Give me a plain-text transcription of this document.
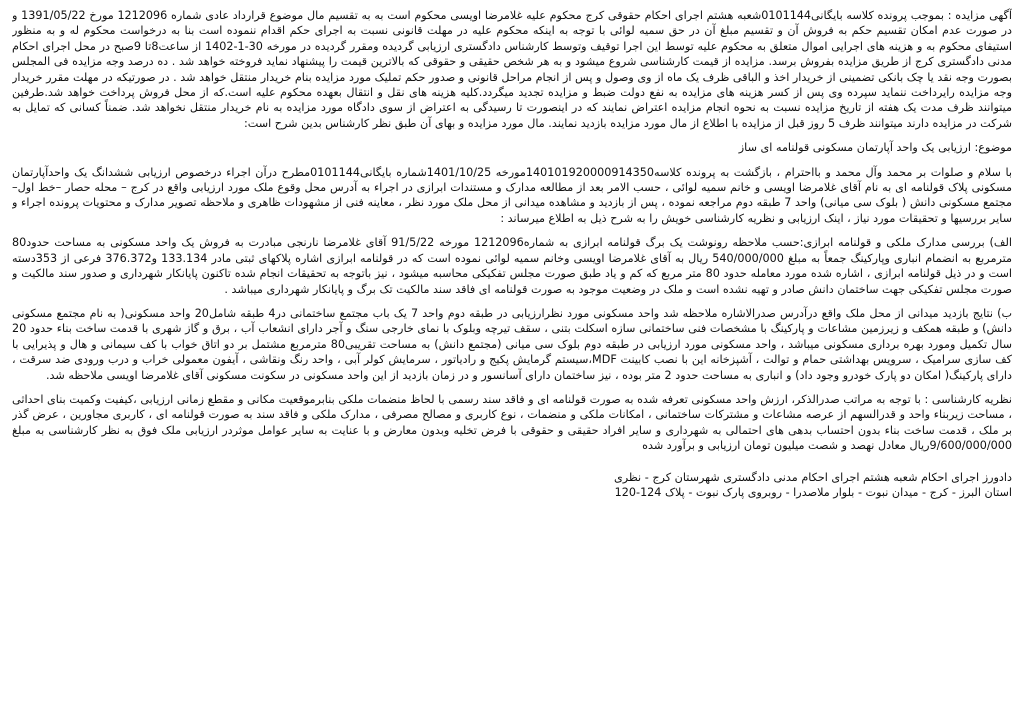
آگهی مزایده : بموجب پرونده کلاسه بایگانی0101144شعبه هشتم اجرای احکام حقوقی کرج محکوم علیه غلامرضا اویسی محکوم است به به تقسیم مال موضوع قرارداد عادی شماره 1212096 مورخ 1391/05/22 و در صورت عدم امکان تقسیم حکم به فروش آن و تقسیم مبلغ آن در حق سمیه لوائی با توجه به اینکه محکوم علیه در مهلت قانونی نسبت به اجرای حکم اقدام ننموده است بنا به درخواست محکوم له و به منظور استیفای محکوم به و هزینه های اجرایی اموال متعلق به محکوم علیه توسط این اجرا توقیف وتوسط کارشناس دادگستری ارزیابی گردیده ومقرر گردیده در مورخه 30-1-1402 از ساعت8تا 9صبح در محل اجرای احکام مدنی دادگستری کرج از طریق مزایده بفروش برسد. مزایده از قیمت کارشناسی شروع میشود و به هر شخص حقیقی و حقوقی که بالاترین قیمت را پیشنهاد نماید فروخته خواهد شد . ده درصد وجه مزایده فی المجلس بصورت وجه نقد یا چک بانکی تضمینی از خریدار اخذ و الباقی ظرف یک ماه از وی وصول و پس از انجام مراحل قانونی و صدور حکم تملیک مورد مزایده بنام خریدار منتقل خواهد شد . در صورتیکه در مهلت مقرر خریدار وجه مزایده رایرداخت ننماید سپرده وی پس از کسر هزینه های مزایده به نفع دولت ضبط و مزایده تجدید میگردد.کلیه هزینه های نقل و انتقال بعهده محکوم علیه است.که از محل فروش پرداخت خواهد شد.طرفین میتوانند ظرف مدت یک هفته از تاریخ مزایده نسبت به نحوه انجام مزایده اعتراض نمایند که در اینصورت تا رسیدگی به اعتراض از سوی دادگاه مورد مزایده به نام خریدار منتقل نخواهد شد. ضمناً کسانی که تمایل به شرکت در مزایده دارند میتوانند ظرف 5 روز قبل از مزایده با اطلاع از مال مورد مزایده بازدید نمایند. مال مورد مزایده و بهای آن طبق نظر کارشناس بدین شرح است:

موضوع: ارزیابی یک واحد آپارتمان مسکونی قولنامه ای ساز

با سلام و صلوات بر محمد وآل محمد و بااحترام ، بازگشت به پرونده کلاسه140101920000914350مورخه 1401/10/25شماره بایگانی0101144مطرح درآن اجراء درخصوص ارزیابی ششدانگ یک واحدآپارتمان مسکونی پلاک قولنامه ای به نام آقای غلامرضا اویسی و خانم سمیه لوائی ، حسب الامر بعد از مطالعه مدارک و مستندات ابرازی در اجراء به آدرس محل وقوع ملک مورد ارزیابی واقع در کرج – محله حصار –خط اول– مجتمع مسکونی دانش ( بلوک سی میانی) واحد 7 طبقه دوم مراجعه نموده ، پس از بازدید و مشاهده میدانی از محل ملک مورد نظر ، معاینه فنی از مشهودات ظاهری و ملاحظه تصویر مدارک و محتویات پرونده اجراء و سایر بررسیها و تحقیقات مورد نیاز ، اینک ارزیابی و نظریه کارشناسی خویش را به شرح ذیل به اطلاع میرساند :

الف) بررسی مدارک ملکی و قولنامه ابرازی:حسب ملاحظه رونوشت یک برگ قولنامه ابرازی به شماره1212096 مورخه 91/5/22 آقای غلامرضا نارنجی مبادرت به فروش یک واحد مسکونی به مساحت حدود80 مترمربع به انضمام انباری وپارکینگ جمعاً به مبلغ 540/000/000 ریال به آقای غلامرضا اویسی وخانم سمیه لوائی نموده است که در قولنامه ابرازی اشاره پلاکهای ثبتی مادر 133.134 و376.372 فرعی از 353دسته است و در ذیل قولنامه ابرازی ، اشاره شده مورد معامله حدود 80 متر مربع که کم و یاد طبق صورت مجلس تفکیکی محاسبه میشود ، نیز باتوجه به تحقیقات انجام شده تاکنون پایانکار شهرداری و صدور سند مالکیت و صورت مجلس تفکیکی جهت ساختمان دانش صادر و تهیه نشده است و ملک در وضعیت موجود به صورت قولنامه ای فاقد سند مالکیت تک برگ و پایانکار شهرداری میباشد .

ب) نتایج بازدید میدانی از محل ملک واقع درآدرس صدرالاشاره ملاحظه شد واحد مسکونی مورد نظرارزیابی در طبقه دوم واحد 7 یک باب مجتمع ساختمانی در4 طبقه شامل20 واحد مسکونی( به نام مجتمع مسکونی دانش) و طبقه همکف و زیرزمین مشاعات و پارکینگ با مشخصات فنی ساختمانی سازه اسکلت بتنی ، سقف تیرچه وبلوک با نمای خارجی سنگ و آجر دارای انشعاب آب ، برق و گاز شهری با قدمت ساخت بناء حدود 20 سال تکمیل ومورد بهره برداری مسکونی میباشد ، واحد مسکونی مورد ارزیابی در طبقه دوم بلوک سی میانی (مجتمع دانش) به مساحت تقریبی80 مترمربع مشتمل بر دو اتاق خواب با کف سیمانی و هال و پذیرایی با کف سازی سرامیک ، سرویس بهداشتی حمام و توالت ، آشپزخانه این با نصب کابینت MDF،سیستم گرمایش پکیج و رادیاتور ، سرمایش کولر آبی ، واحد رنگ ونقاشی ، آیفون معمولی خراب و درب ورودی ضد سرقت ، دارای پارکینگ( امکان دو پارک خودرو وجود داد) و انباری به مساحت حدود 2 متر بوده ، نیز ساختمان دارای آسانسور و در زمان بازدید از این واحد مسکونی در سکونت مسکونی آقای غلامرضا اویسی ملاحظه شد.

نظریه کارشناسی : با توجه به مراتب صدرالذکر، ارزش واحد مسکونی تعرفه شده به صورت قولنامه ای و فاقد سند رسمی با لحاظ منضمات ملکی بنابرموقعیت مکانی و مقطع زمانی ارزیابی ،کیفیت وکمیت بنای احداثی ، مساحت زیربناء واحد و قدرالسهم از عرصه مشاعات و مشترکات ساختمانی ، امکانات ملکی و منضمات ، نوع کاربری و مصالح مصرفی ، مدارک ملکی و فاقد سند به صورت قولنامه ای ، کاربری مجاورین ، عرض گذر بر ملک ، قدمت ساخت بناء بدون احتساب بدهی های احتمالی به شهرداری و سایر افراد حقیقی و حقوقی با فرض تخلیه وبدون معارض و با عنایت به سایر عوامل موثردر ارزیابی ملک فوق به نظر کارشناسی به مبلغ 9/600/000/000ریال معادل نهصد و شصت میلیون تومان ارزیابی و برآورد شده

دادورز اجرای احکام شعبه هشتم اجرای احکام مدنی دادگستری شهرستان کرج - نظری

استان البرز - کرج - میدان نبوت - بلوار ملاصدرا - روبروی پارک نبوت - پلاک 124-120
